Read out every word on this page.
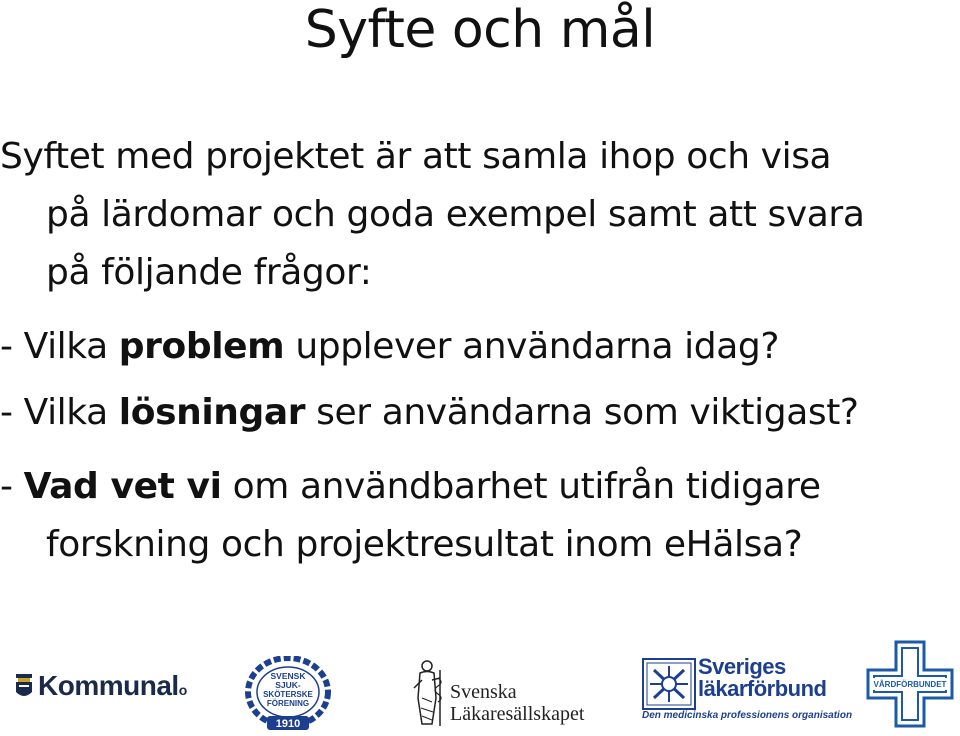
Syfte och mål
Syftet med projektet är att samla ihop och visa
på lärdomar och goda exempel samt att svara
på följande frågor:
- Vilka problem upplever användarna idag?
- Vilka lösningar ser användarna som viktigast?
- Vad vet vi om användbarhet utifrån tidigare
forskning och projektresultat inom eHälsa?
Kommunalo
SVENSK
SJUK-
SKÖTERSKE
FÖRENING
1910
Svenska
Läkaresällskapet
Sveriges
läkarförbund
Den medicinska professionens organisation
VÅRDFÖRBUNDET
